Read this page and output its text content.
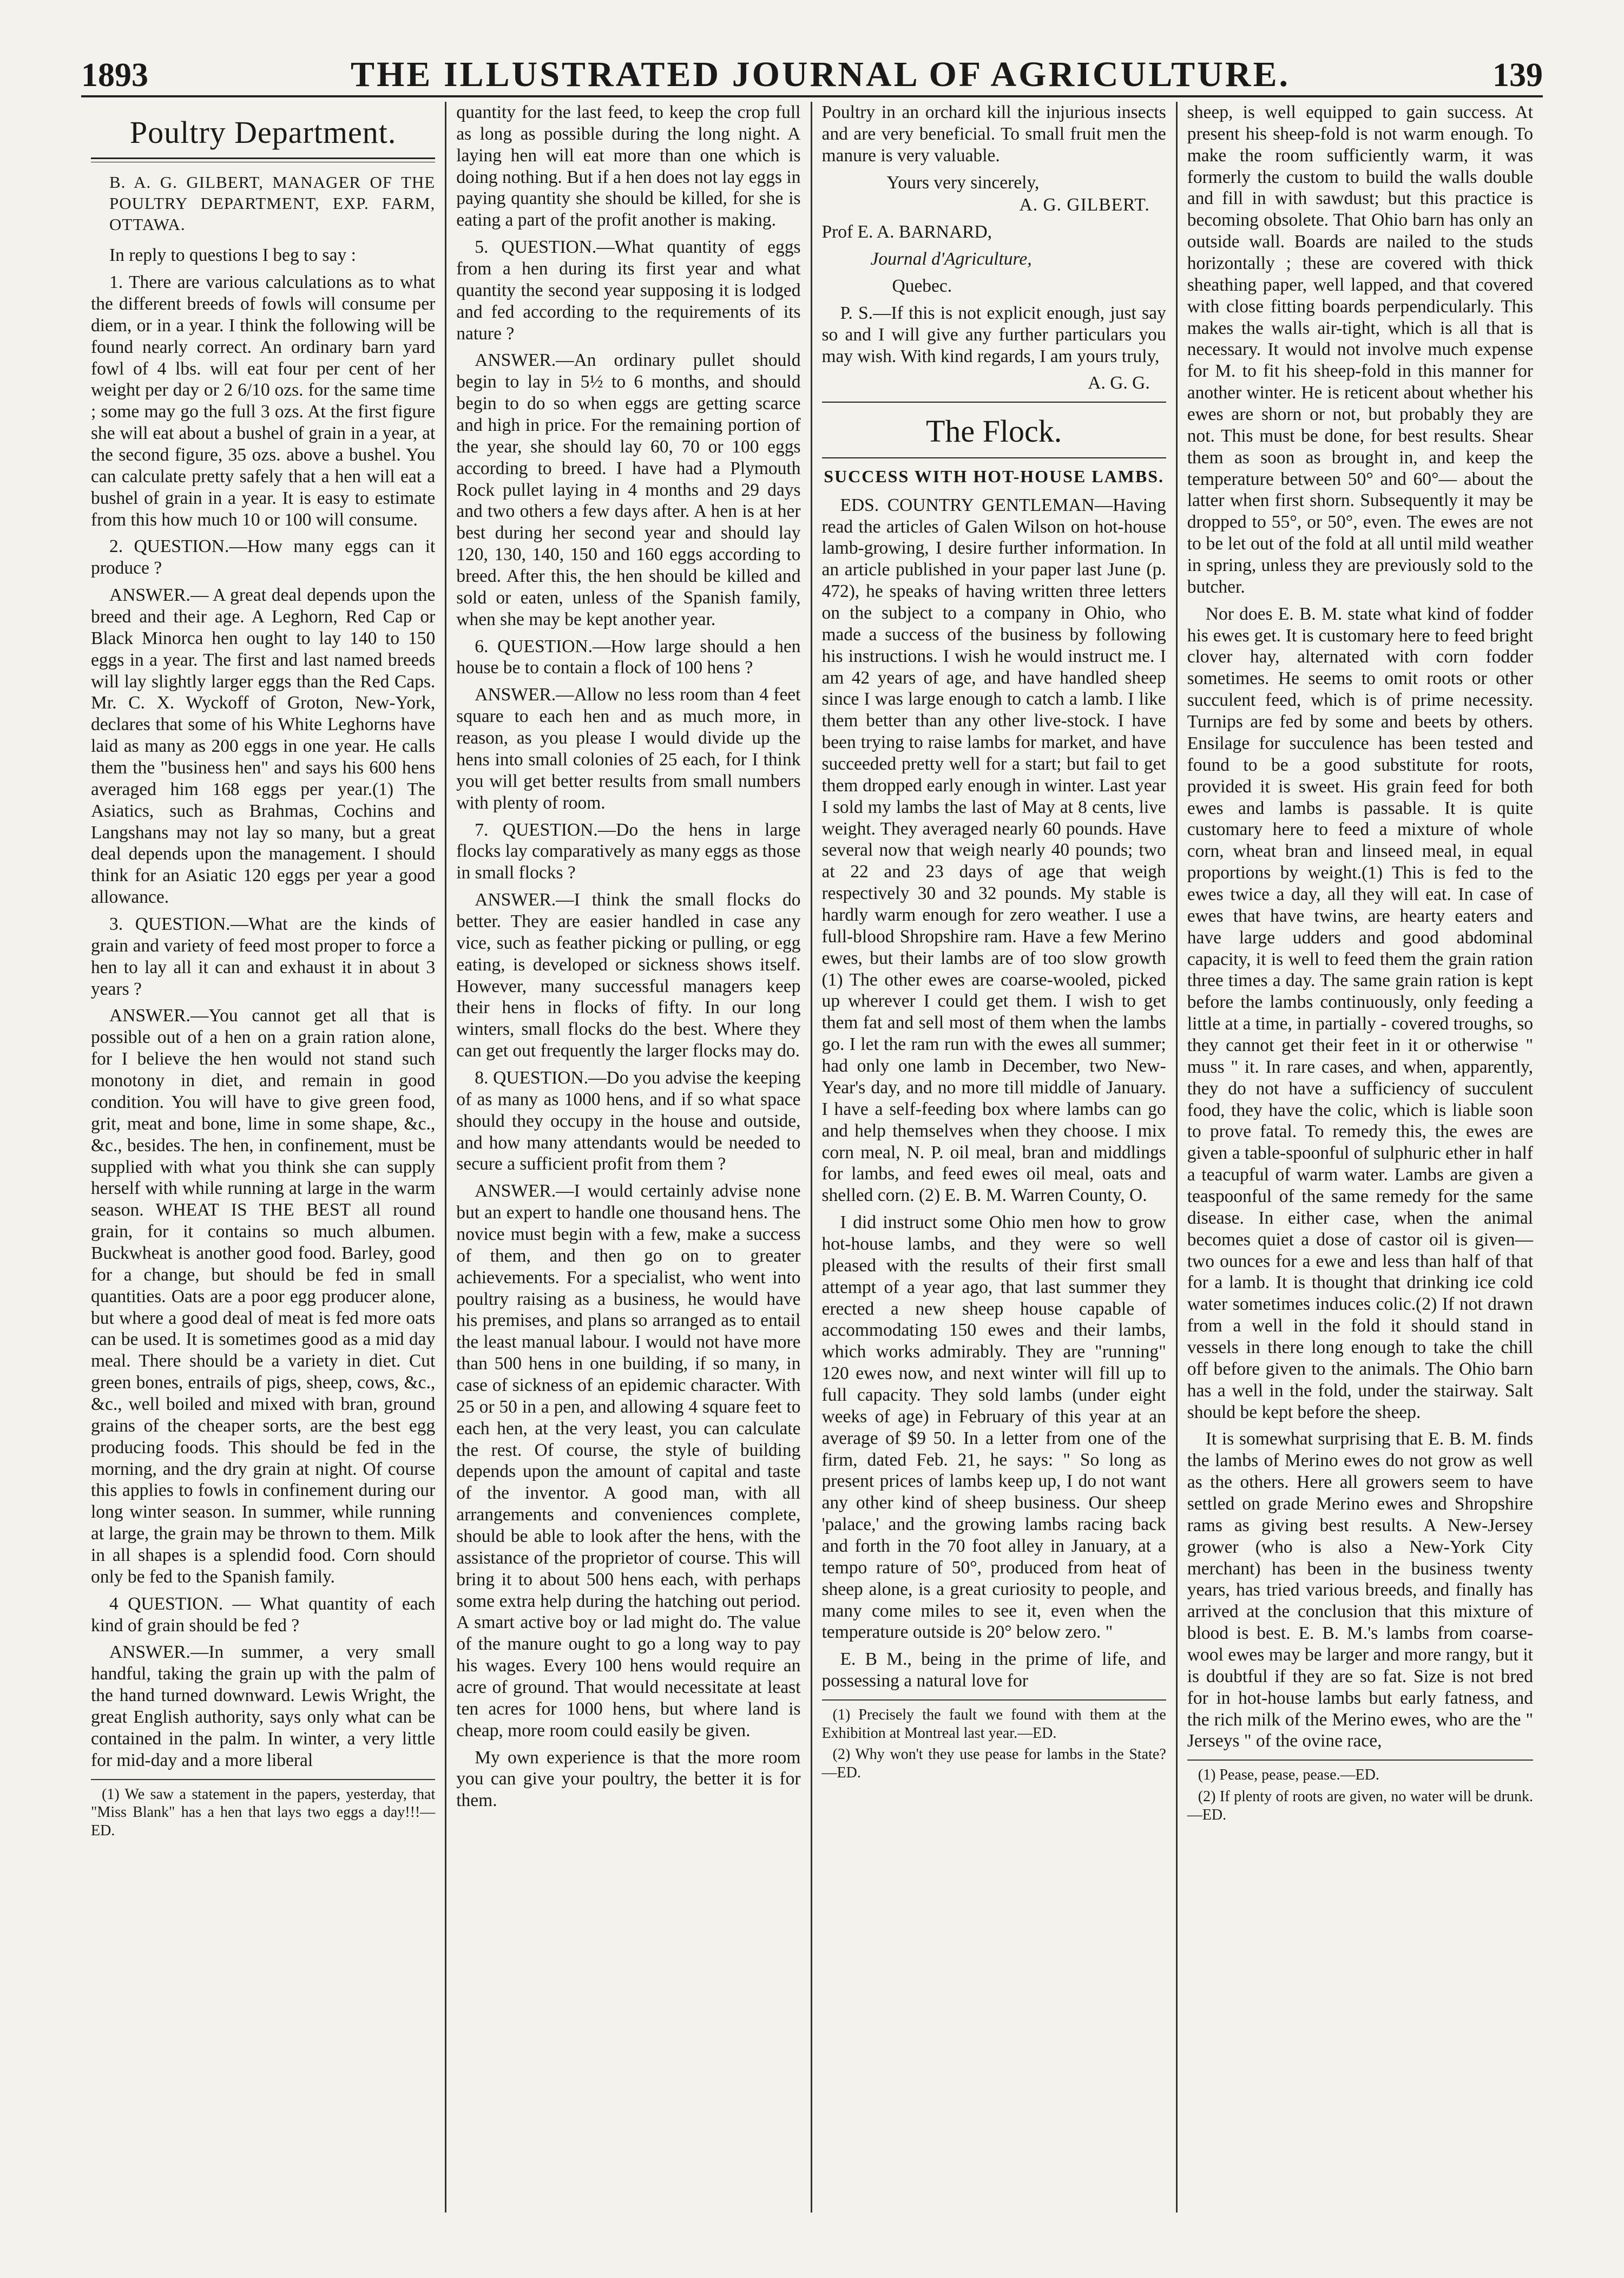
1893	THE ILLUSTRATED JOURNAL OF AGRICULTURE.	139
Poultry Department.

B. A. G. GILBERT, MANAGER OF THE POULTRY DEPARTMENT, EXP. FARM, OTTAWA.

In reply to questions I beg to say :

1. There are various calculations as to what the different breeds of fowls will consume per diem, or in a year. I think the following will be found nearly correct. An ordinary barn yard fowl of 4 lbs. will eat four per cent of her weight per day or 2 6/10 ozs. for the same time ; some may go the full 3 ozs. At the first figure she will eat about a bushel of grain in a year, at the second figure, 35 ozs. above a bushel. You can calculate pretty safely that a hen will eat a bushel of grain in a year. It is easy to estimate from this how much 10 or 100 will consume.

2. QUESTION.—How many eggs can it produce ?

ANSWER.— A great deal depends upon the breed and their age. A Leghorn, Red Cap or Black Minorca hen ought to lay 140 to 150 eggs in a year. The first and last named breeds will lay slightly larger eggs than the Red Caps. Mr. C. X. Wyckoff of Groton, New-York, declares that some of his White Leghorns have laid as many as 200 eggs in one year. He calls them the "business hen" and says his 600 hens averaged him 168 eggs per year.(1) The Asiatics, such as Brahmas, Cochins and Langshans may not lay so many, but a great deal depends upon the management. I should think for an Asiatic 120 eggs per year a good allowance.

3. QUESTION.—What are the kinds of grain and variety of feed most proper to force a hen to lay all it can and exhaust it in about 3 years ?

ANSWER.—You cannot get all that is possible out of a hen on a grain ration alone, for I believe the hen would not stand such monotony in diet, and remain in good condition. You will have to give green food, grit, meat and bone, lime in some shape, &c., &c., besides. The hen, in confinement, must be supplied with what you think she can supply herself with while running at large in the warm season. WHEAT IS THE BEST all round grain, for it contains so much albumen. Buckwheat is another good food. Barley, good for a change, but should be fed in small quantities. Oats are a poor egg producer alone, but where a good deal of meat is fed more oats can be used. It is sometimes good as a mid day meal. There should be a variety in diet. Cut green bones, entrails of pigs, sheep, cows, &c., &c., well boiled and mixed with bran, ground grains of the cheaper sorts, are the best egg producing foods. This should be fed in the morning, and the dry grain at night. Of course this applies to fowls in confinement during our long winter season. In summer, while running at large, the grain may be thrown to them. Milk in all shapes is a splendid food. Corn should only be fed to the Spanish family.

4 QUESTION. — What quantity of each kind of grain should be fed ?

ANSWER.—In summer, a very small handful, taking the grain up with the palm of the hand turned downward. Lewis Wright, the great English authority, says only what can be contained in the palm. In winter, a very little for mid-day and a more liberal

(1) We saw a statement in the papers, yesterday, that "Miss Blank" has a hen that lays two eggs a day!!!—ED.

quantity for the last feed, to keep the crop full as long as possible during the long night. A laying hen will eat more than one which is doing nothing. But if a hen does not lay eggs in paying quantity she should be killed, for she is eating a part of the profit another is making.

5. QUESTION.—What quantity of eggs from a hen during its first year and what quantity the second year supposing it is lodged and fed according to the requirements of its nature ?

ANSWER.—An ordinary pullet should begin to lay in 5½ to 6 months, and should begin to do so when eggs are getting scarce and high in price. For the remaining portion of the year, she should lay 60, 70 or 100 eggs according to breed. I have had a Plymouth Rock pullet laying in 4 months and 29 days and two others a few days after. A hen is at her best during her second year and should lay 120, 130, 140, 150 and 160 eggs according to breed. After this, the hen should be killed and sold or eaten, unless of the Spanish family, when she may be kept another year.

6. QUESTION.—How large should a hen house be to contain a flock of 100 hens ?

ANSWER.—Allow no less room than 4 feet square to each hen and as much more, in reason, as you please I would divide up the hens into small colonies of 25 each, for I think you will get better results from small numbers with plenty of room.

7. QUESTION.—Do the hens in large flocks lay comparatively as many eggs as those in small flocks ?

ANSWER.—I think the small flocks do better. They are easier handled in case any vice, such as feather picking or pulling, or egg eating, is developed or sickness shows itself. However, many successful managers keep their hens in flocks of fifty. In our long winters, small flocks do the best. Where they can get out frequently the larger flocks may do.

8. QUESTION.—Do you advise the keeping of as many as 1000 hens, and if so what space should they occupy in the house and outside, and how many attendants would be needed to secure a sufficient profit from them ?

ANSWER.—I would certainly advise none but an expert to handle one thousand hens. The novice must begin with a few, make a success of them, and then go on to greater achievements. For a specialist, who went into poultry raising as a business, he would have his premises, and plans so arranged as to entail the least manual labour. I would not have more than 500 hens in one building, if so many, in case of sickness of an epidemic character. With 25 or 50 in a pen, and allowing 4 square feet to each hen, at the very least, you can calculate the rest. Of course, the style of building depends upon the amount of capital and taste of the inventor. A good man, with all arrangements and conveniences complete, should be able to look after the hens, with the assistance of the proprietor of course. This will bring it to about 500 hens each, with perhaps some extra help during the hatching out period. A smart active boy or lad might do. The value of the manure ought to go a long way to pay his wages. Every 100 hens would require an acre of ground. That would necessitate at least ten acres for 1000 hens, but where land is cheap, more room could easily be given.

My own experience is that the more room you can give your poultry, the better it is for them.

Poultry in an orchard kill the injurious insects and are very beneficial. To small fruit men the manure is very valuable.

Yours very sincerely,

A. G. GILBERT.

Prof E. A. BARNARD,

Journal d'Agriculture,

Quebec.

P. S.—If this is not explicit enough, just say so and I will give any further particulars you may wish. With kind regards, I am yours truly,

A. G. G.

The Flock.
SUCCESS WITH HOT-HOUSE LAMBS.

EDS. COUNTRY GENTLEMAN—Having read the articles of Galen Wilson on hot-house lamb-growing, I desire further information. In an article published in your paper last June (p. 472), he speaks of having written three letters on the subject to a company in Ohio, who made a success of the business by following his instructions. I wish he would instruct me. I am 42 years of age, and have handled sheep since I was large enough to catch a lamb. I like them better than any other live-stock. I have been trying to raise lambs for market, and have succeeded pretty well for a start; but fail to get them dropped early enough in winter. Last year I sold my lambs the last of May at 8 cents, live weight. They averaged nearly 60 pounds. Have several now that weigh nearly 40 pounds; two at 22 and 23 days of age that weigh respectively 30 and 32 pounds. My stable is hardly warm enough for zero weather. I use a full-blood Shropshire ram. Have a few Merino ewes, but their lambs are of too slow growth (1) The other ewes are coarse-wooled, picked up wherever I could get them. I wish to get them fat and sell most of them when the lambs go. I let the ram run with the ewes all summer; had only one lamb in December, two New-Year's day, and no more till middle of January. I have a self-feeding box where lambs can go and help themselves when they choose. I mix corn meal, N. P. oil meal, bran and middlings for lambs, and feed ewes oil meal, oats and shelled corn. (2) E. B. M. Warren County, O.

I did instruct some Ohio men how to grow hot-house lambs, and they were so well pleased with the results of their first small attempt of a year ago, that last summer they erected a new sheep house capable of accommodating 150 ewes and their lambs, which works admirably. They are "running" 120 ewes now, and next winter will fill up to full capacity. They sold lambs (under eight weeks of age) in February of this year at an average of $9 50. In a letter from one of the firm, dated Feb. 21, he says: " So long as present prices of lambs keep up, I do not want any other kind of sheep business. Our sheep 'palace,' and the growing lambs racing back and forth in the 70 foot alley in January, at a tempo rature of 50°, produced from heat of sheep alone, is a great curiosity to people, and many come miles to see it, even when the temperature outside is 20° below zero. "

E. B M., being in the prime of life, and possessing a natural love for

(1) Precisely the fault we found with them at the Exhibition at Montreal last year.—ED.

(2) Why won't they use pease for lambs in the State?—ED.

sheep, is well equipped to gain success. At present his sheep-fold is not warm enough. To make the room sufficiently warm, it was formerly the custom to build the walls double and fill in with sawdust; but this practice is becoming obsolete. That Ohio barn has only an outside wall. Boards are nailed to the studs horizontally ; these are covered with thick sheathing paper, well lapped, and that covered with close fitting boards perpendicularly. This makes the walls air-tight, which is all that is necessary. It would not involve much expense for M. to fit his sheep-fold in this manner for another winter. He is reticent about whether his ewes are shorn or not, but probably they are not. This must be done, for best results. Shear them as soon as brought in, and keep the temperature between 50° and 60°— about the latter when first shorn. Subsequently it may be dropped to 55°, or 50°, even. The ewes are not to be let out of the fold at all until mild weather in spring, unless they are previously sold to the butcher.

Nor does E. B. M. state what kind of fodder his ewes get. It is customary here to feed bright clover hay, alternated with corn fodder sometimes. He seems to omit roots or other succulent feed, which is of prime necessity. Turnips are fed by some and beets by others. Ensilage for succulence has been tested and found to be a good substitute for roots, provided it is sweet. His grain feed for both ewes and lambs is passable. It is quite customary here to feed a mixture of whole corn, wheat bran and linseed meal, in equal proportions by weight.(1) This is fed to the ewes twice a day, all they will eat. In case of ewes that have twins, are hearty eaters and have large udders and good abdominal capacity, it is well to feed them the grain ration three times a day. The same grain ration is kept before the lambs continuously, only feeding a little at a time, in partially - covered troughs, so they cannot get their feet in it or otherwise " muss " it. In rare cases, and when, apparently, they do not have a sufficiency of succulent food, they have the colic, which is liable soon to prove fatal. To remedy this, the ewes are given a table-spoonful of sulphuric ether in half a teacupful of warm water. Lambs are given a teaspoonful of the same remedy for the same disease. In either case, when the animal becomes quiet a dose of castor oil is given—two ounces for a ewe and less than half of that for a lamb. It is thought that drinking ice cold water sometimes induces colic.(2) If not drawn from a well in the fold it should stand in vessels in there long enough to take the chill off before given to the animals. The Ohio barn has a well in the fold, under the stairway. Salt should be kept before the sheep.

It is somewhat surprising that E. B. M. finds the lambs of Merino ewes do not grow as well as the others. Here all growers seem to have settled on grade Merino ewes and Shropshire rams as giving best results. A New-Jersey grower (who is also a New-York City merchant) has been in the business twenty years, has tried various breeds, and finally has arrived at the conclusion that this mixture of blood is best. E. B. M.'s lambs from coarse-wool ewes may be larger and more rangy, but it is doubtful if they are so fat. Size is not bred for in hot-house lambs but early fatness, and the rich milk of the Merino ewes, who are the " Jerseys " of the ovine race,

(1) Pease, pease, pease.—ED.

(2) If plenty of roots are given, no water will be drunk.—ED.
